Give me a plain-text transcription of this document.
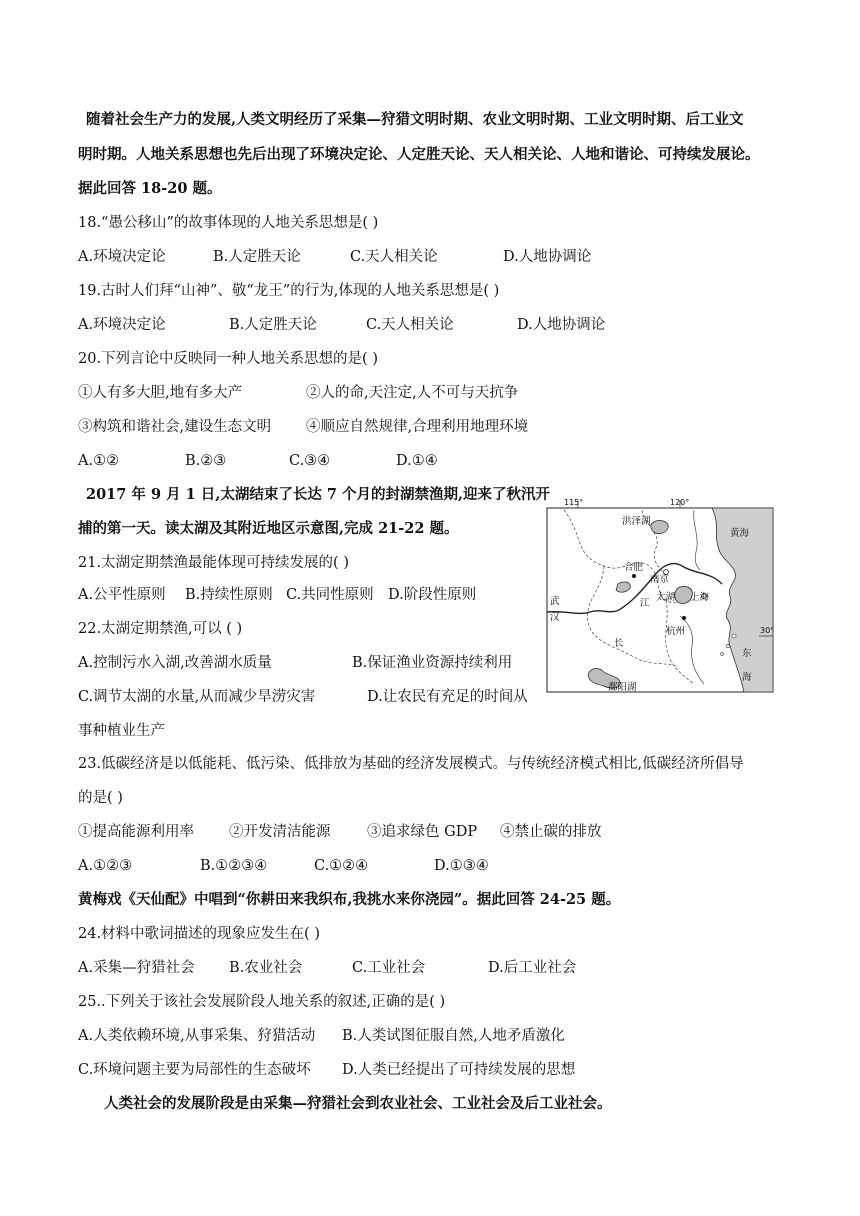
随着社会生产力的发展,人类文明经历了采集—狩猎文明时期、农业文明时期、工业文明时期、后工业文
明时期。人地关系思想也先后出现了环境决定论、人定胜天论、天人相关论、人地和谐论、可持续发展论。
据此回答 18-20 题。
18.“愚公移山”的故事体现的人地关系思想是( )
A.环境决定论	B.人定胜天论	C.天人相关论	D.人地协调论
19.古时人们拜“山神”、敬“龙王”的行为,体现的人地关系思想是( )
A.环境决定论	B.人定胜天论	C.天人相关论	D.人地协调论
20.下列言论中反映同一种人地关系思想的是( )
①人有多大胆,地有多大产	②人的命,天注定,人不可与天抗争
③构筑和谐社会,建设生态文明 ④顺应自然规律,合理利用地理环境
A.①②	B.②③	C.③④	D.①④
2017 年 9 月 1 日,太湖结束了长达 7 个月的封湖禁渔期,迎来了秋汛开
捕的第一天。读太湖及其附近地区示意图,完成 21-22 题。
115°	120°
30°
洪泽湖
黄海
合肥
南京
太湖 上海
武
汉
江
长
杭州
东
海
鄱阳湖
21.太湖定期禁渔最能体现可持续发展的( )
A.公平性原则 B.持续性原则 C.共同性原则 D.阶段性原则
22.太湖定期禁渔,可以 ( )
A.控制污水入湖,改善湖水质量	B.保证渔业资源持续利用
C.调节太湖的水量,从而减少旱涝灾害	D.让农民有充足的时间从
事种植业生产
23.低碳经济是以低能耗、低污染、低排放为基础的经济发展模式。与传统经济模式相比,低碳经济所倡导
的是( )
①提高能源利用率 ②开发清洁能源	③追求绿色 GDP ④禁止碳的排放
A.①②③	B.①②③④	C.①②④	D.①③④
黄梅戏《天仙配》中唱到“你耕田来我织布,我挑水来你浇园”。据此回答 24-25 题。
24.材料中歌词描述的现象应发生在( )
A.采集—狩猎社会 B.农业社会	C.工业社会	D.后工业社会
25..下列关于该社会发展阶段人地关系的叙述,正确的是( )
A.人类依赖环境,从事采集、狩猎活动 B.人类试图征服自然,人地矛盾激化
C.环境问题主要为局部性的生态破坏 D.人类已经提出了可持续发展的思想
人类社会的发展阶段是由采集—狩猎社会到农业社会、工业社会及后工业社会。
